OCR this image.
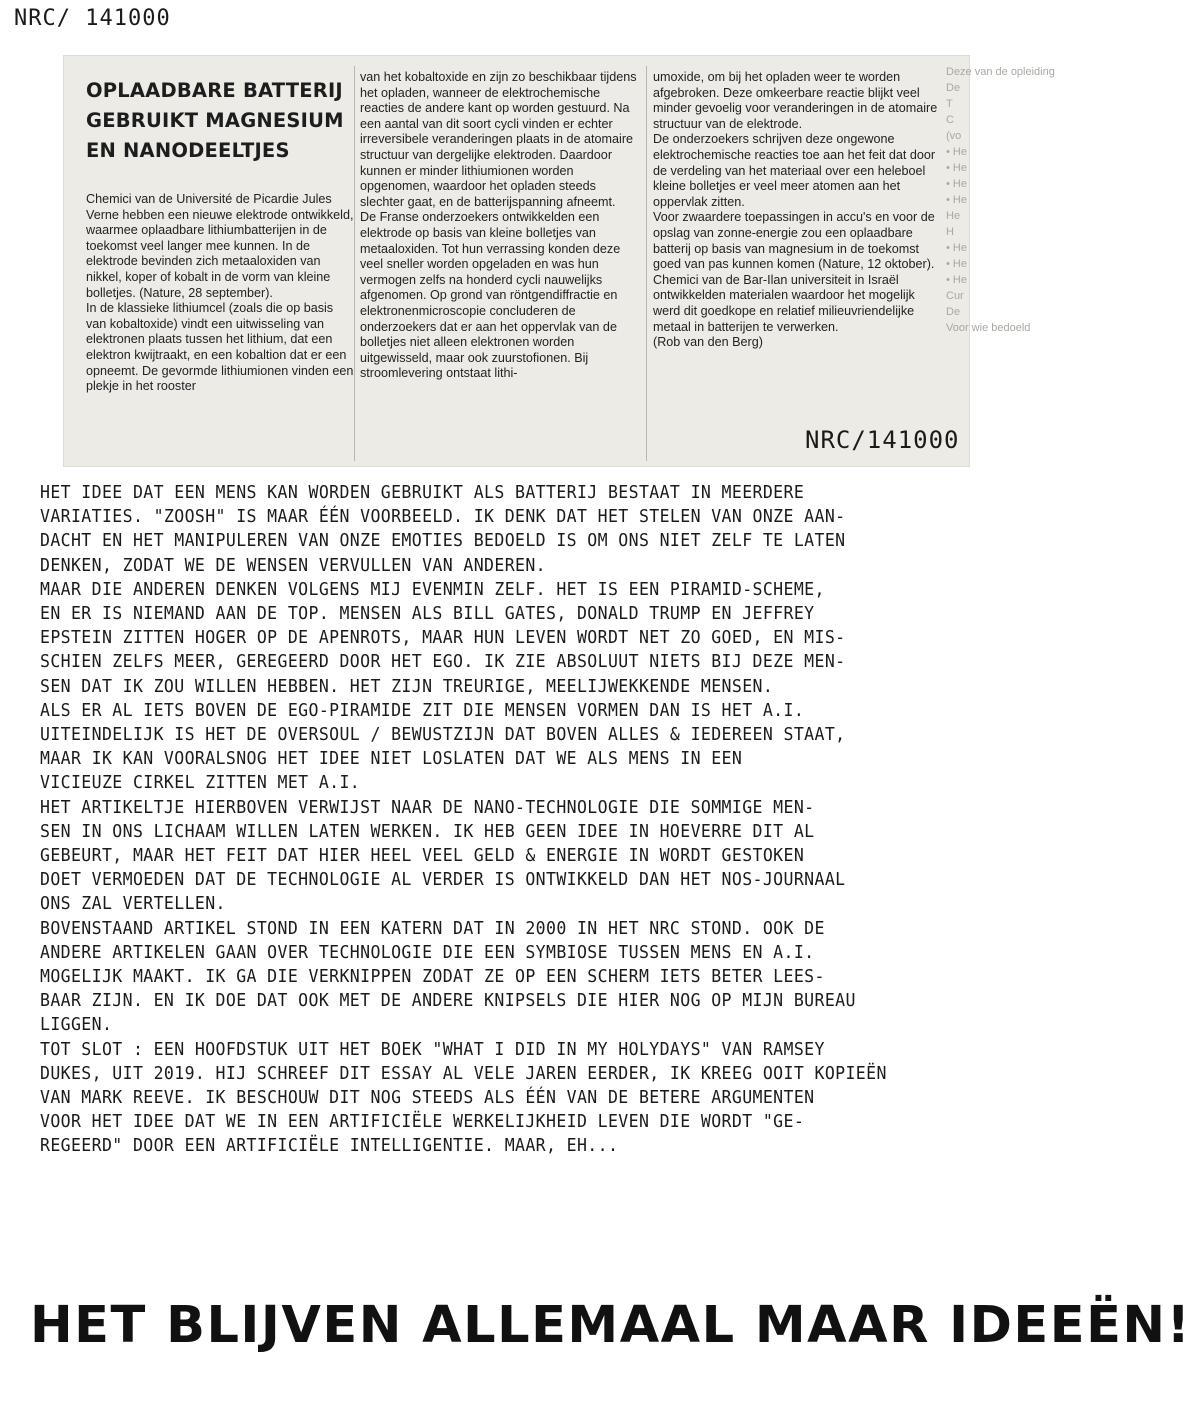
NRC/ 141000
OPLAADBARE BATTERIJ GEBRUIKT MAGNESIUM EN NANODEELTJES

Chemici van de Université de Picardie Jules Verne hebben een nieuwe elektrode ontwikkeld, waarmee oplaadbare lithiumbatterijen in de toekomst veel langer mee kunnen. In de elektrode bevinden zich metaaloxiden van nikkel, koper of kobalt in de vorm van kleine bolletjes. (Nature, 28 september).

In de klassieke lithiumcel (zoals die op basis van kobaltoxide) vindt een uitwisseling van elektronen plaats tussen het lithium, dat een elektron kwijtraakt, en een kobaltion dat er een opneemt. De gevormde lithiumionen vinden een plekje in het rooster

van het kobaltoxide en zijn zo beschikbaar tijdens het opladen, wanneer de elektrochemische reacties de andere kant op worden gestuurd. Na een aantal van dit soort cycli vinden er echter irreversibele veranderingen plaats in de atomaire structuur van dergelijke elektroden. Daardoor kunnen er minder lithiumionen worden opgenomen, waardoor het opladen steeds slechter gaat, en de batterijspanning afneemt.

De Franse onderzoekers ontwikkelden een elektrode op basis van kleine bolletjes van metaaloxiden. Tot hun verrassing konden deze veel sneller worden opgeladen en was hun vermogen zelfs na honderd cycli nauwelijks afgenomen. Op grond van röntgendiffractie en elektronenmicroscopie concluderen de onderzoekers dat er aan het oppervlak van de bolletjes niet alleen elektronen worden uitgewisseld, maar ook zuurstofionen. Bij stroomlevering ontstaat lithi-

umoxide, om bij het opladen weer te worden afgebroken. Deze omkeerbare reactie blijkt veel minder gevoelig voor veranderingen in de atomaire structuur van de elektrode.

De onderzoekers schrijven deze ongewone elektrochemische reacties toe aan het feit dat door de verdeling van het materiaal over een heleboel kleine bolletjes er veel meer atomen aan het oppervlak zitten.

Voor zwaardere toepassingen in accu's en voor de opslag van zonne-energie zou een oplaadbare batterij op basis van magnesium in de toekomst goed van pas kunnen komen (Nature, 12 oktober). Chemici van de Bar-Ilan universiteit in Israël ontwikkelden materialen waardoor het mogelijk werd dit goedkope en relatief milieuvriendelijke metaal in batterijen te verwerken.

(Rob van den Berg)

Deze van de opleiding
De
T
C
(vo
• He
• He
• He
• He
He
H
• He
• He
• He
Cur
De
Voor wie bedoeld
NRC/141000
HET IDEE DAT EEN MENS KAN WORDEN GEBRUIKT ALS BATTERIJ BESTAAT IN MEERDERE
VARIATIES. "ZOOSH" IS MAAR ÉÉN VOORBEELD. IK DENK DAT HET STELEN VAN ONZE AAN-
DACHT EN HET MANIPULEREN VAN ONZE EMOTIES BEDOELD IS OM ONS NIET ZELF TE LATEN
DENKEN, ZODAT WE DE WENSEN VERVULLEN VAN ANDEREN.
MAAR DIE ANDEREN DENKEN VOLGENS MIJ EVENMIN ZELF. HET IS EEN PIRAMID-SCHEME,
EN ER IS NIEMAND AAN DE TOP. MENSEN ALS BILL GATES, DONALD TRUMP EN JEFFREY
EPSTEIN ZITTEN HOGER OP DE APENROTS, MAAR HUN LEVEN WORDT NET ZO GOED, EN MIS-
SCHIEN ZELFS MEER, GEREGEERD DOOR HET EGO. IK ZIE ABSOLUUT NIETS BIJ DEZE MEN-
SEN DAT IK ZOU WILLEN HEBBEN. HET ZIJN TREURIGE, MEELIJWEKKENDE MENSEN.
ALS ER AL IETS BOVEN DE EGO-PIRAMIDE ZIT DIE MENSEN VORMEN DAN IS HET A.I.
UITEINDELIJK IS HET DE OVERSOUL / BEWUSTZIJN DAT BOVEN ALLES & IEDEREEN STAAT,
MAAR IK KAN VOORALSNOG HET IDEE NIET LOSLATEN DAT WE ALS MENS IN EEN
VICIEUZE CIRKEL ZITTEN MET A.I.
HET ARTIKELTJE HIERBOVEN VERWIJST NAAR DE NANO-TECHNOLOGIE DIE SOMMIGE MEN-
SEN IN ONS LICHAAM WILLEN LATEN WERKEN. IK HEB GEEN IDEE IN HOEVERRE DIT AL
GEBEURT, MAAR HET FEIT DAT HIER HEEL VEEL GELD & ENERGIE IN WORDT GESTOKEN
DOET VERMOEDEN DAT DE TECHNOLOGIE AL VERDER IS ONTWIKKELD DAN HET NOS-JOURNAAL
ONS ZAL VERTELLEN.
BOVENSTAAND ARTIKEL STOND IN EEN KATERN DAT IN 2000 IN HET NRC STOND. OOK DE
ANDERE ARTIKELEN GAAN OVER TECHNOLOGIE DIE EEN SYMBIOSE TUSSEN MENS EN A.I.
MOGELIJK MAAKT. IK GA DIE VERKNIPPEN ZODAT ZE OP EEN SCHERM IETS BETER LEES-
BAAR ZIJN. EN IK DOE DAT OOK MET DE ANDERE KNIPSELS DIE HIER NOG OP MIJN BUREAU
LIGGEN.
TOT SLOT : EEN HOOFDSTUK UIT HET BOEK "WHAT I DID IN MY HOLYDAYS" VAN RAMSEY
DUKES, UIT 2019. HIJ SCHREEF DIT ESSAY AL VELE JAREN EERDER, IK KREEG OOIT KOPIEËN
VAN MARK REEVE. IK BESCHOUW DIT NOG STEEDS ALS ÉÉN VAN DE BETERE ARGUMENTEN
VOOR HET IDEE DAT WE IN EEN ARTIFICIËLE WERKELIJKHEID LEVEN DIE WORDT "GE-
REGEERD" DOOR EEN ARTIFICIËLE INTELLIGENTIE. MAAR, EH...
HET BLIJVEN ALLEMAAL MAAR IDEEËN!
